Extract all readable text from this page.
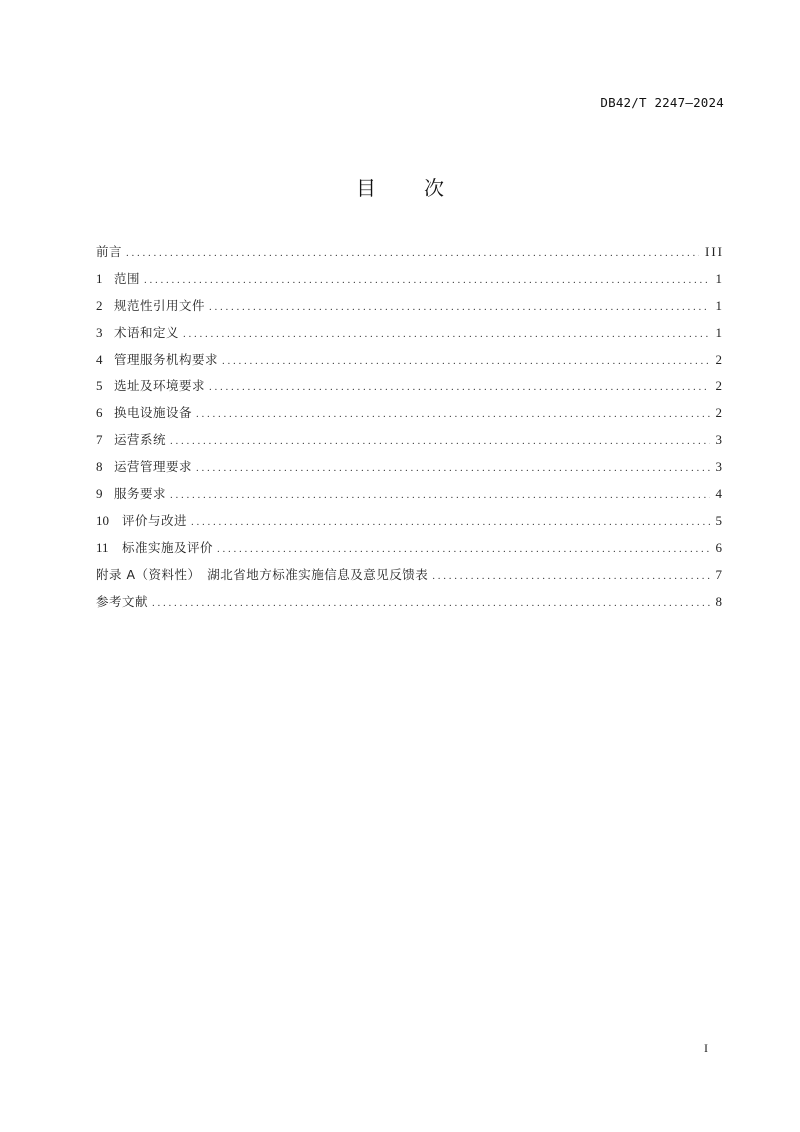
DB42/T 2247—2024
目 次
前言 . . .	III
1 范围 . . .	1
2 规范性引用文件 . . .	1
3 术语和定义 . . .	1
4 管理服务机构要求 . . .	2
5 选址及环境要求 . . .	2
6 换电设施设备 . . .	2
7 运营系统 . . .	3
8 运营管理要求 . . .	3
9 服务要求 . . .	4
10	评价与改进 . . .	5
11	标准实施及评价 . . .	6
附录 A（资料性）　湖北省地方标准实施信息及意见反馈表 . . .	7
参考文献 . . .	8
I
